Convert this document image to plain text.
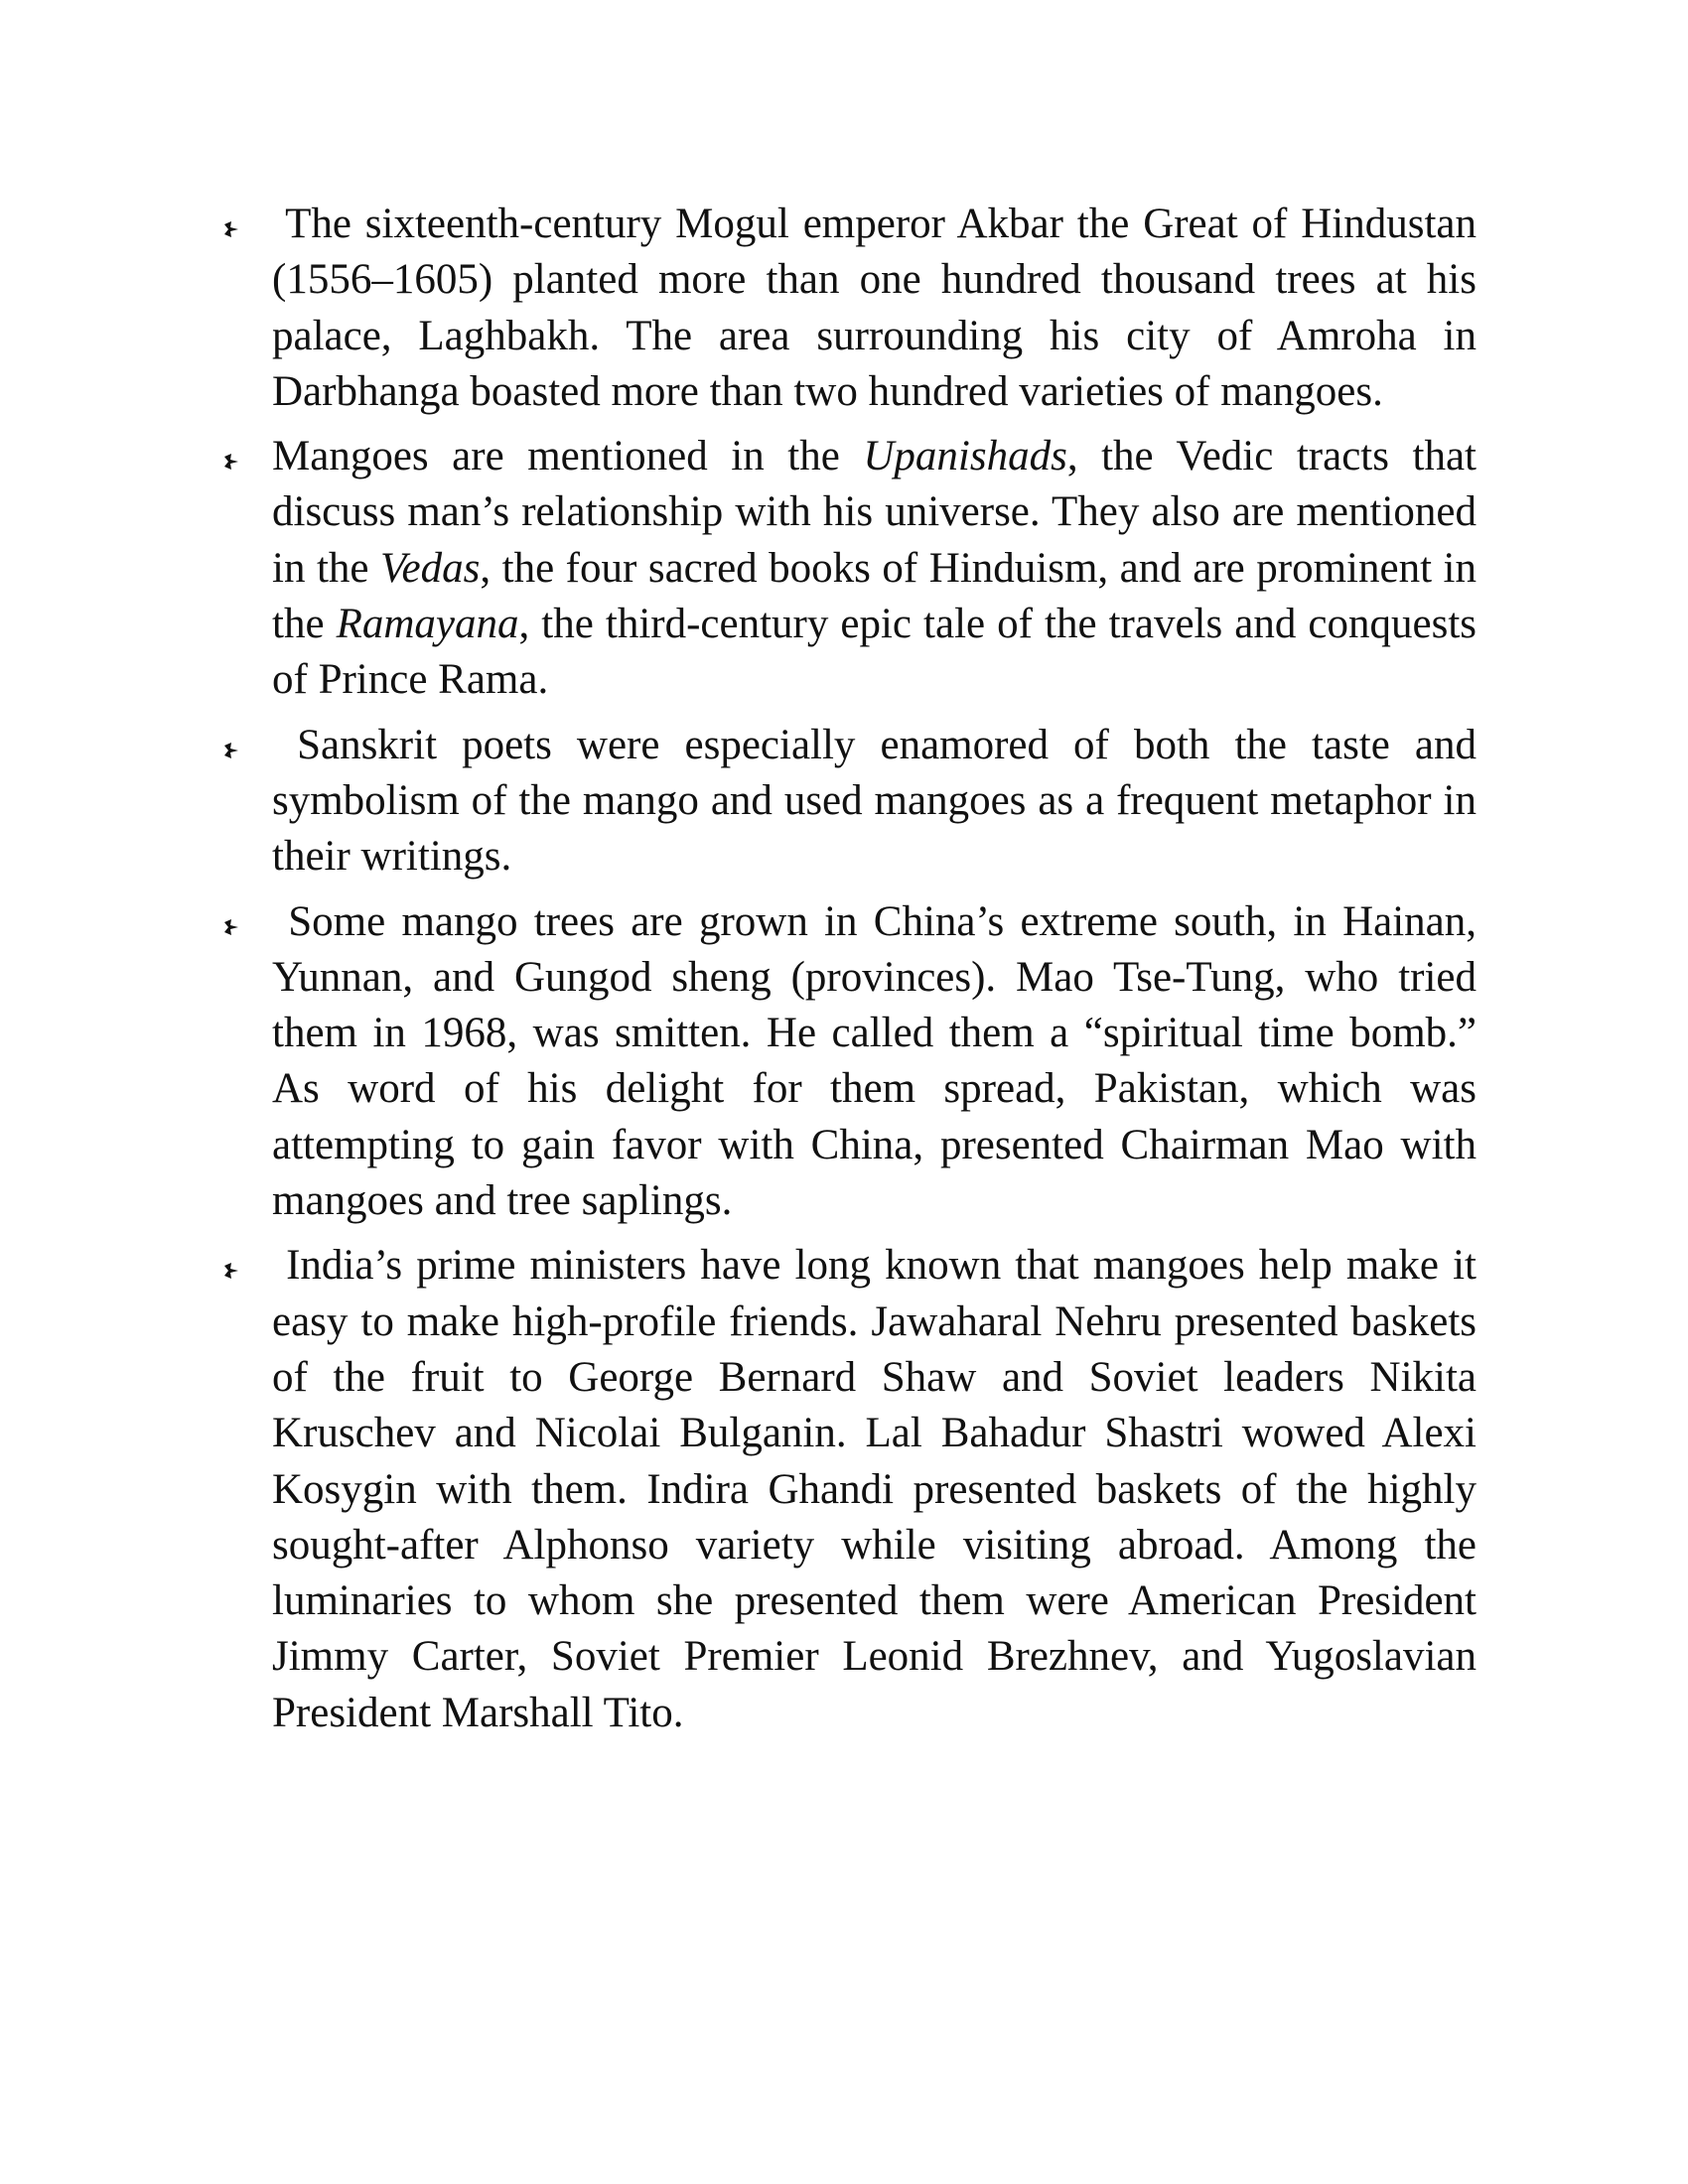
The sixteenth-century Mogul emperor Akbar the Great of Hindustan (1556–1605) planted more than one hundred thousand trees at his palace, Laghbakh. The area surrounding his city of Amroha in Darbhanga boasted more than two hundred varieties of mangoes.
Mangoes are mentioned in the Upanishads, the Vedic tracts that discuss man’s relationship with his universe. They also are mentioned in the Vedas, the four sacred books of Hinduism, and are prominent in the Ramayana, the third-century epic tale of the travels and conquests of Prince Rama.
Sanskrit poets were especially enamored of both the taste and symbolism of the mango and used mangoes as a frequent metaphor in their writings.
Some mango trees are grown in China’s extreme south, in Hainan, Yunnan, and Gungod sheng (provinces). Mao Tse-Tung, who tried them in 1968, was smitten. He called them a “spiritual time bomb.” As word of his delight for them spread, Pakistan, which was attempting to gain favor with China, presented Chairman Mao with mangoes and tree saplings.
India’s prime ministers have long known that mangoes help make it easy to make high-profile friends. Jawaharal Nehru presented baskets of the fruit to George Bernard Shaw and Soviet leaders Nikita Kruschev and Nicolai Bulganin. Lal Bahadur Shastri wowed Alexi Kosygin with them. Indira Ghandi presented baskets of the highly sought-after Alphonso variety while visiting abroad. Among the luminaries to whom she presented them were American President Jimmy Carter, Soviet Premier Leonid Brezhnev, and Yugoslavian President Marshall Tito.
